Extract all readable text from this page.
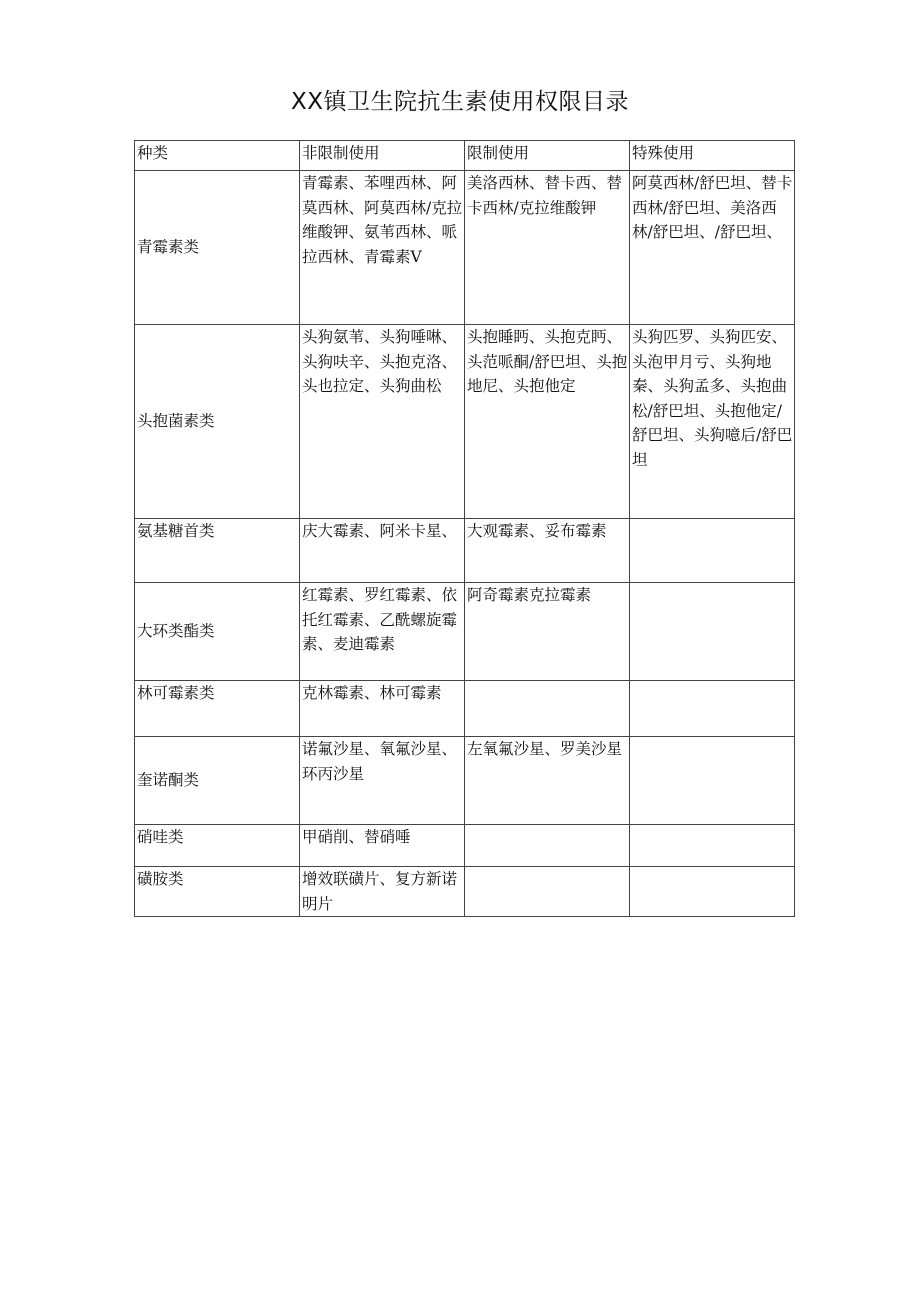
XX镇卫生院抗生素使用权限目录
种类	非限制使用	限制使用	特殊使用
青霉素类	青霉素、苯哩西林、阿莫西林、阿莫西林/克拉维酸钾、氨苇西林、哌拉西林、青霉素V	美洛西林、替卡西、替卡西林/克拉维酸钾	阿莫西林/舒巴坦、替卡西林/舒巴坦、美洛西林/舒巴坦、/舒巴坦、
头抱菌素类	头狗氨苇、头狗唾啉、头狗呋辛、头抱克洛、头也拉定、头狗曲松	头抱睡眄、头抱克眄、头范哌酮/舒巴坦、头抱地尼、头抱他定	头狗匹罗、头狗匹安、头泡甲月亏、头狗地秦、头狗孟多、头抱曲松/舒巴坦、头抱他定/舒巴坦、头狗噫后/舒巴坦
氨基糖首类	庆大霉素、阿米卡星、	大观霉素、妥布霉素	
大环类酯类	红霉素、罗红霉素、依托红霉素、乙酰螺旋霉素、麦迪霉素	阿奇霉素克拉霉素	
林可霉素类	克林霉素、林可霉素		
奎诺酮类	诺氟沙星、氧氟沙星、环丙沙星	左氧氟沙星、罗美沙星	
硝哇类	甲硝削、替硝唾		
磺胺类	增效联磺片、复方新诺明片		
